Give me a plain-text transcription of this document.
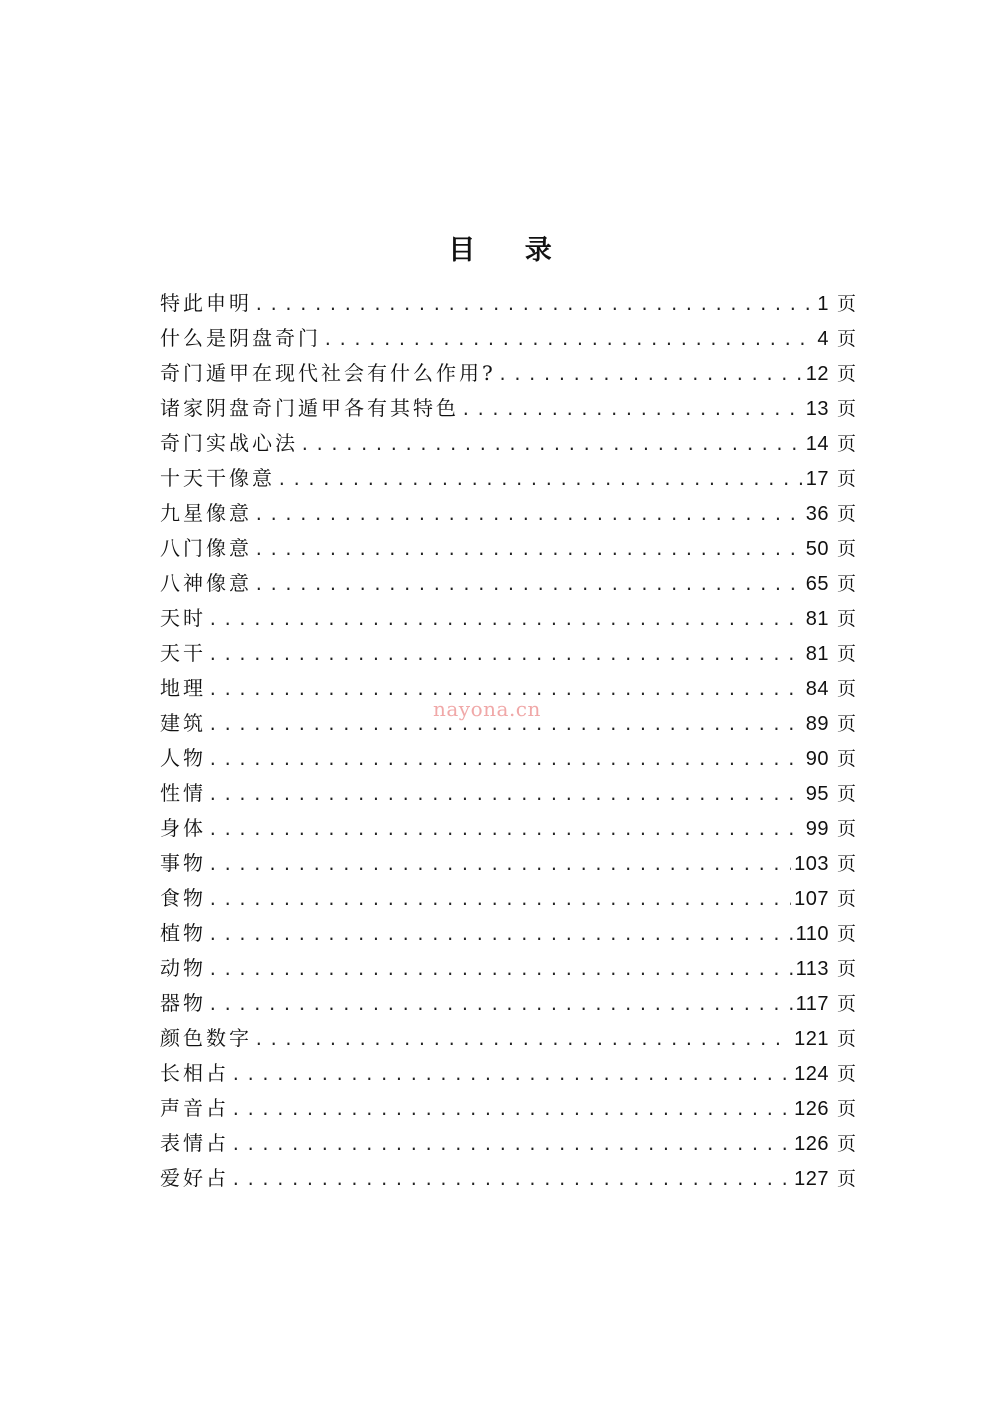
目 录
特此申明 .....	1 页
什么是阴盘奇门 .....	4 页
奇门遁甲在现代社会有什么作用? .....	12 页
诸家阴盘奇门遁甲各有其特色 .....	13 页
奇门实战心法 .....	14 页
十天干像意 .....	17 页
九星像意 .....	36 页
八门像意 .....	50 页
八神像意 .....	65 页
天时 .....	81 页
天干 .....	81 页
地理 .....	84 页
建筑 .....	89 页
人物 .....	90 页
性情 .....	95 页
身体 .....	99 页
事物 .....	103 页
食物 .....	107 页
植物 .....	110 页
动物 .....	113 页
器物 .....	117 页
颜色数字 .....	121 页
长相占 .....	124 页
声音占 .....	126 页
表情占 .....	126 页
爱好占 .....	127 页
nayona.cn
